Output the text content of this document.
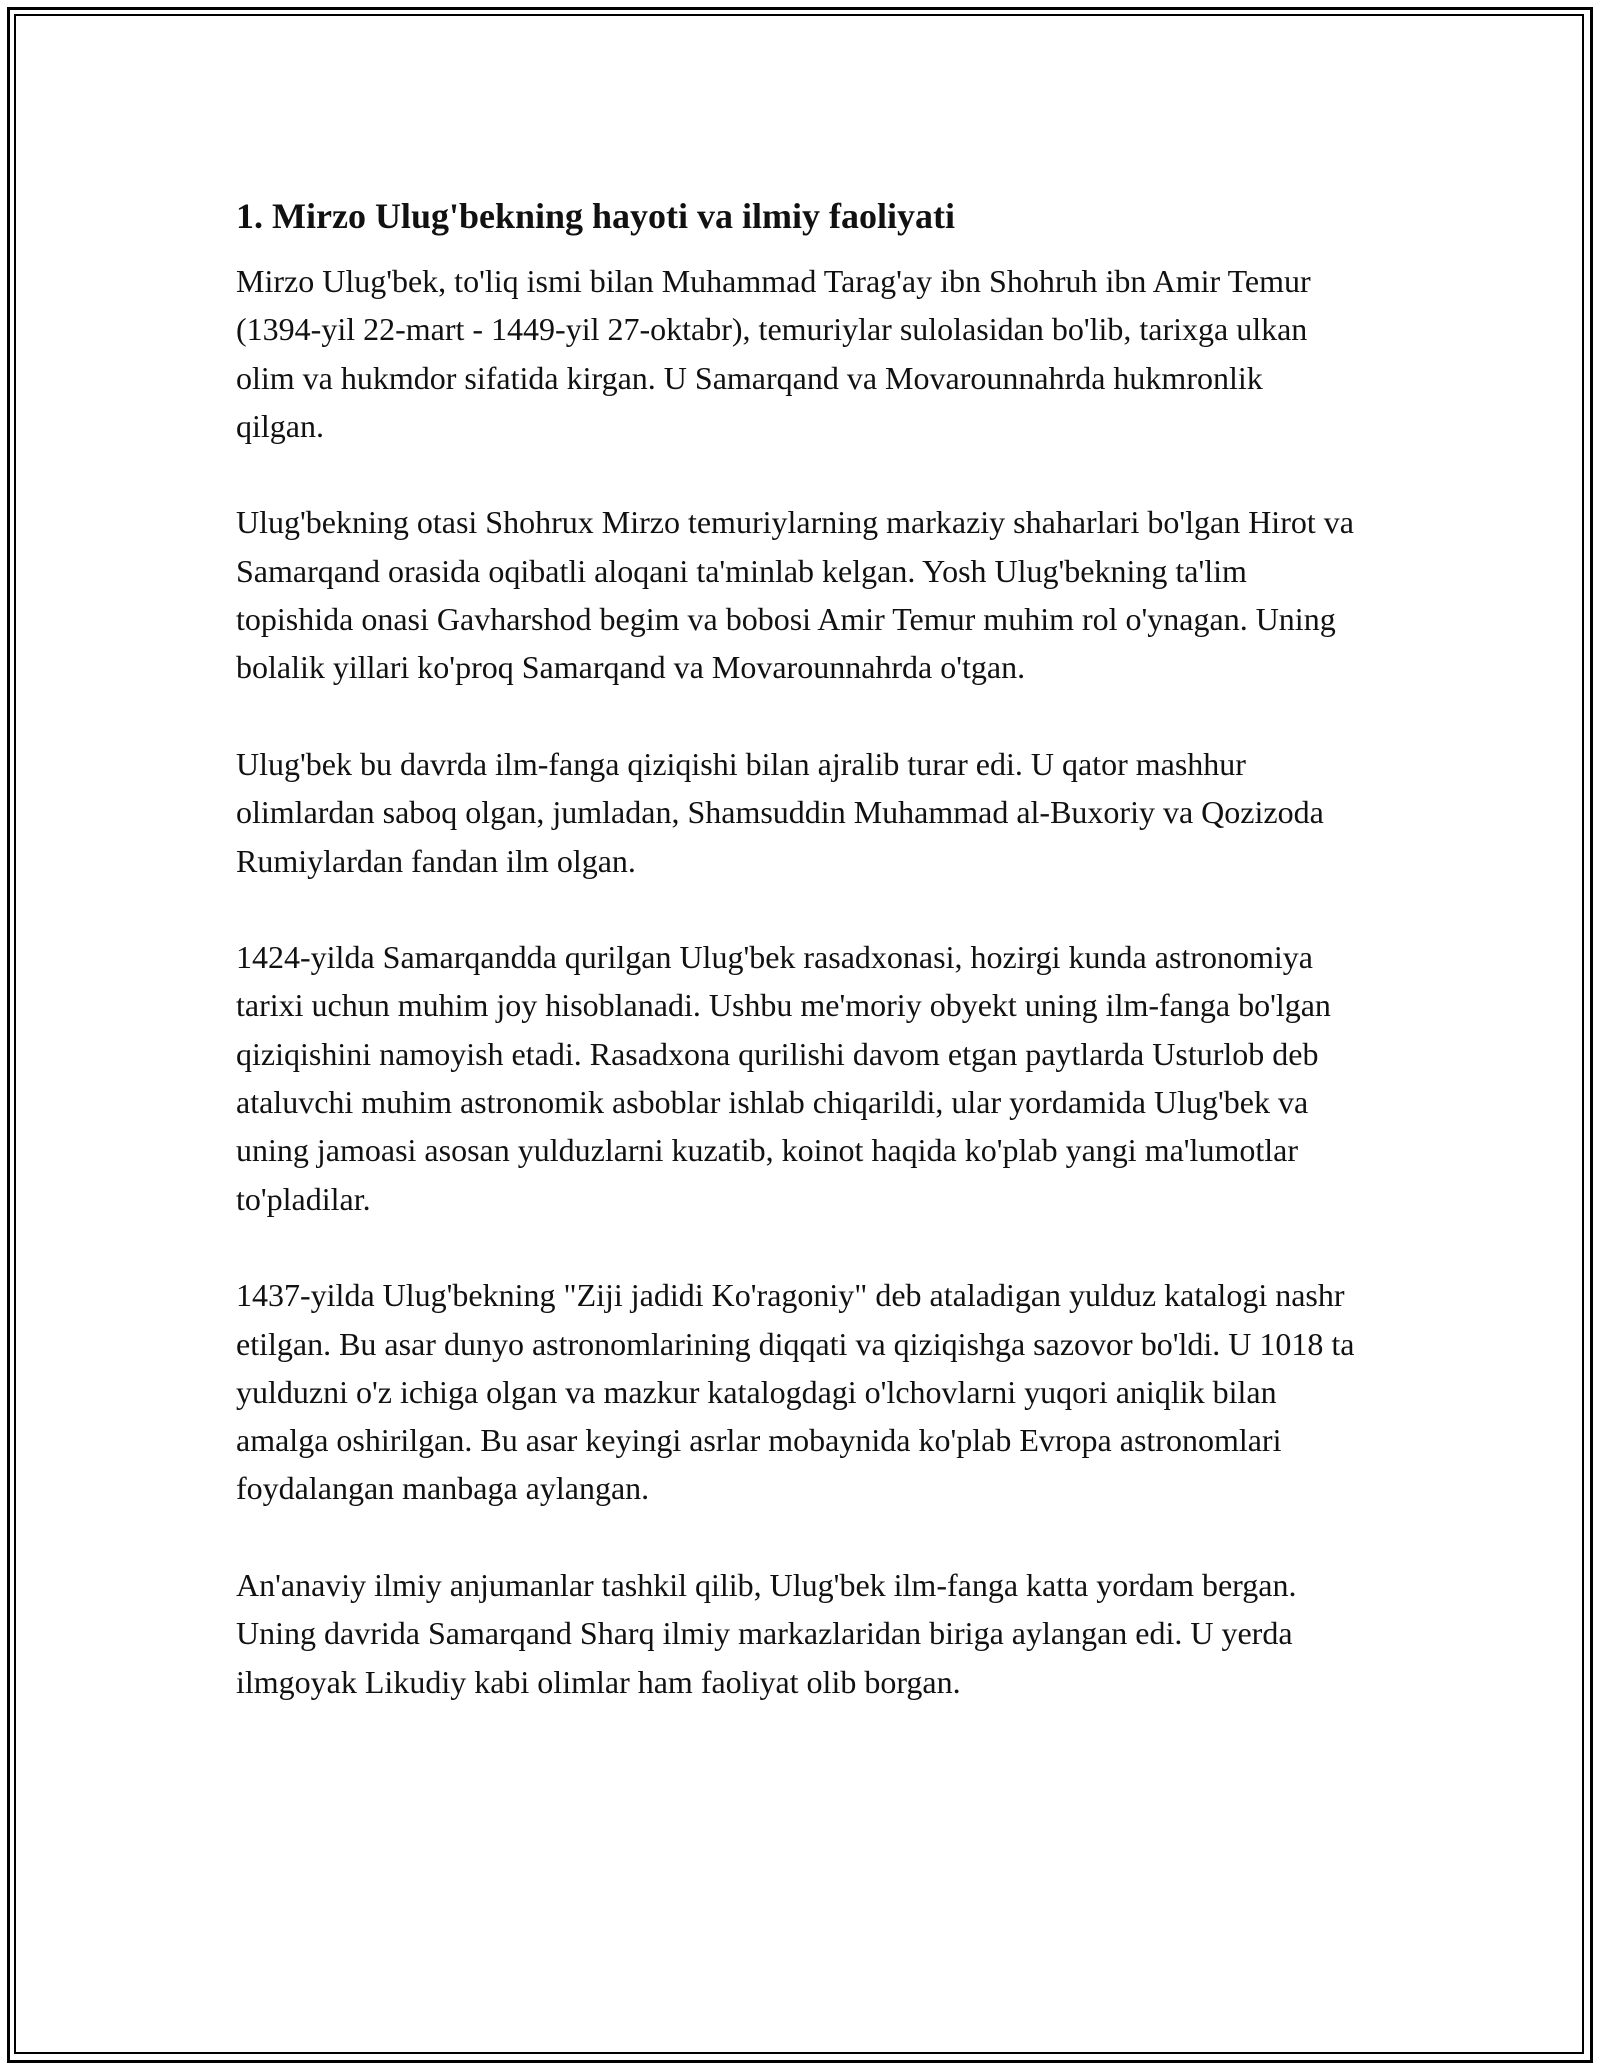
1. Mirzo Ulug'bekning hayoti va ilmiy faoliyati

Mirzo Ulug'bek, to'liq ismi bilan Muhammad Tarag'ay ibn Shohruh ibn Amir Temur (1394-yil 22-mart - 1449-yil 27-oktabr), temuriylar sulolasidan bo'lib, tarixga ulkan olim va hukmdor sifatida kirgan. U Samarqand va Movarounnahrda hukmronlik qilgan.

Ulug'bekning otasi Shohrux Mirzo temuriylarning markaziy shaharlari bo'lgan Hirot va Samarqand orasida oqibatli aloqani ta'minlab kelgan. Yosh Ulug'bekning ta'lim topishida onasi Gavharshod begim va bobosi Amir Temur muhim rol o'ynagan. Uning bolalik yillari ko'proq Samarqand va Movarounnahrda o'tgan.

Ulug'bek bu davrda ilm-fanga qiziqishi bilan ajralib turar edi. U qator mashhur olimlardan saboq olgan, jumladan, Shamsuddin Muhammad al-Buxoriy va Qozizoda Rumiylardan fandan ilm olgan.

1424-yilda Samarqandda qurilgan Ulug'bek rasadxonasi, hozirgi kunda astronomiya tarixi uchun muhim joy hisoblanadi. Ushbu me'moriy obyekt uning ilm-fanga bo'lgan qiziqishini namoyish etadi. Rasadxona qurilishi davom etgan paytlarda Usturlob deb ataluvchi muhim astronomik asboblar ishlab chiqarildi, ular yordamida Ulug'bek va uning jamoasi asosan yulduzlarni kuzatib, koinot haqida ko'plab yangi ma'lumotlar to'pladilar.

1437-yilda Ulug'bekning "Ziji jadidi Ko'ragoniy" deb ataladigan yulduz katalogi nashr etilgan. Bu asar dunyo astronomlarining diqqati va qiziqishga sazovor bo'ldi. U 1018 ta yulduzni o'z ichiga olgan va mazkur katalogdagi o'lchovlarni yuqori aniqlik bilan amalga oshirilgan. Bu asar keyingi asrlar mobaynida ko'plab Evropa astronomlari foydalangan manbaga aylangan.

An'anaviy ilmiy anjumanlar tashkil qilib, Ulug'bek ilm-fanga katta yordam bergan. Uning davrida Samarqand Sharq ilmiy markazlaridan biriga aylangan edi. U yerda ilmgoyak Likudiy kabi olimlar ham faoliyat olib borgan.
